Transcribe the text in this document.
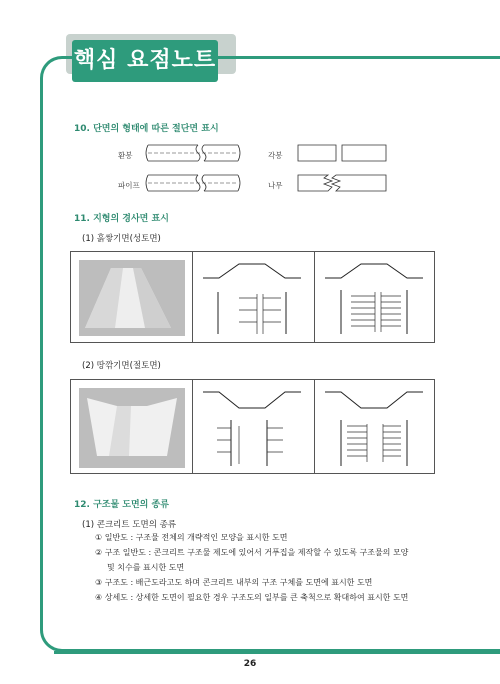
핵심 요점노트
10. 단면의 형태에 따른 절단면 표시
환봉
파이프
각봉
나무
11. 지형의 경사면 표시
(1) 흙쌓기면(성토면)
(2) 땅깎기면(절토면)
12. 구조물 도면의 종류
(1) 콘크리트 도면의 종류
① 일반도 : 구조물 전체의 개략적인 모양을 표시한 도면
② 구조 일반도 : 콘크리트 구조물 제도에 있어서 거푸집을 제작할 수 있도록 구조물의 모양
및 치수를 표시한 도면
③ 구조도 : 배근도라고도 하며 콘크리트 내부의 구조 구체를 도면에 표시한 도면
④ 상세도 : 상세한 도면이 필요한 경우 구조도의 일부를 큰 축척으로 확대하여 표시한 도면
26
